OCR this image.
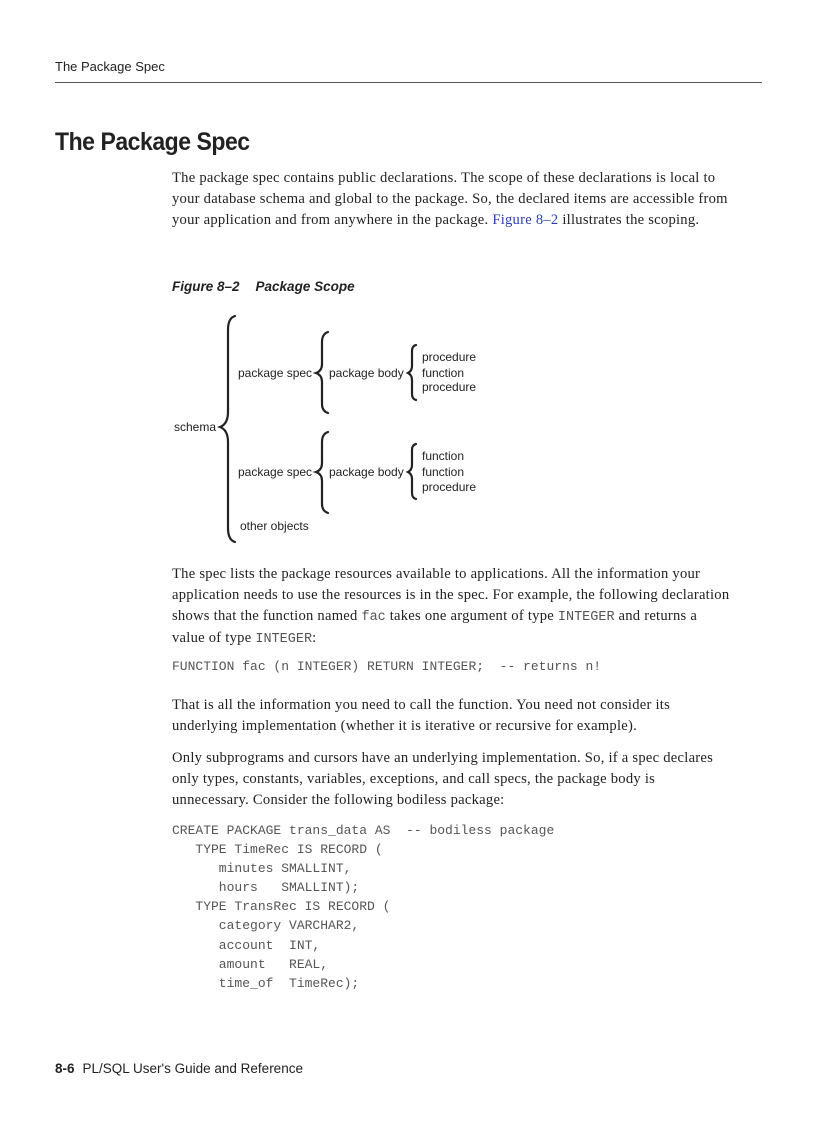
The Package Spec
The Package Spec

The package spec contains public declarations. The scope of these declarations is local to your database schema and global to the package. So, the declared items are accessible from your application and from anywhere in the package. Figure 8–2 illustrates the scoping.

Figure 8–2 Package Scope
schema
package spec package body
procedure
function
procedure
package spec package body
function
function
procedure
other objects

The spec lists the package resources available to applications. All the information your application needs to use the resources is in the spec. For example, the following declaration shows that the function named fac takes one argument of type INTEGER and returns a value of type INTEGER:

FUNCTION fac (n INTEGER) RETURN INTEGER;  -- returns n!

That is all the information you need to call the function. You need not consider its underlying implementation (whether it is iterative or recursive for example).

Only subprograms and cursors have an underlying implementation. So, if a spec declares only types, constants, variables, exceptions, and call specs, the package body is unnecessary. Consider the following bodiless package:

CREATE PACKAGE trans_data AS  -- bodiless package
TYPE TimeRec IS RECORD (
minutes SMALLINT,
hours   SMALLINT);
TYPE TransRec IS RECORD (
category VARCHAR2,
account  INT,
amount   REAL,
time_of  TimeRec);
8-6 PL/SQL User's Guide and Reference
